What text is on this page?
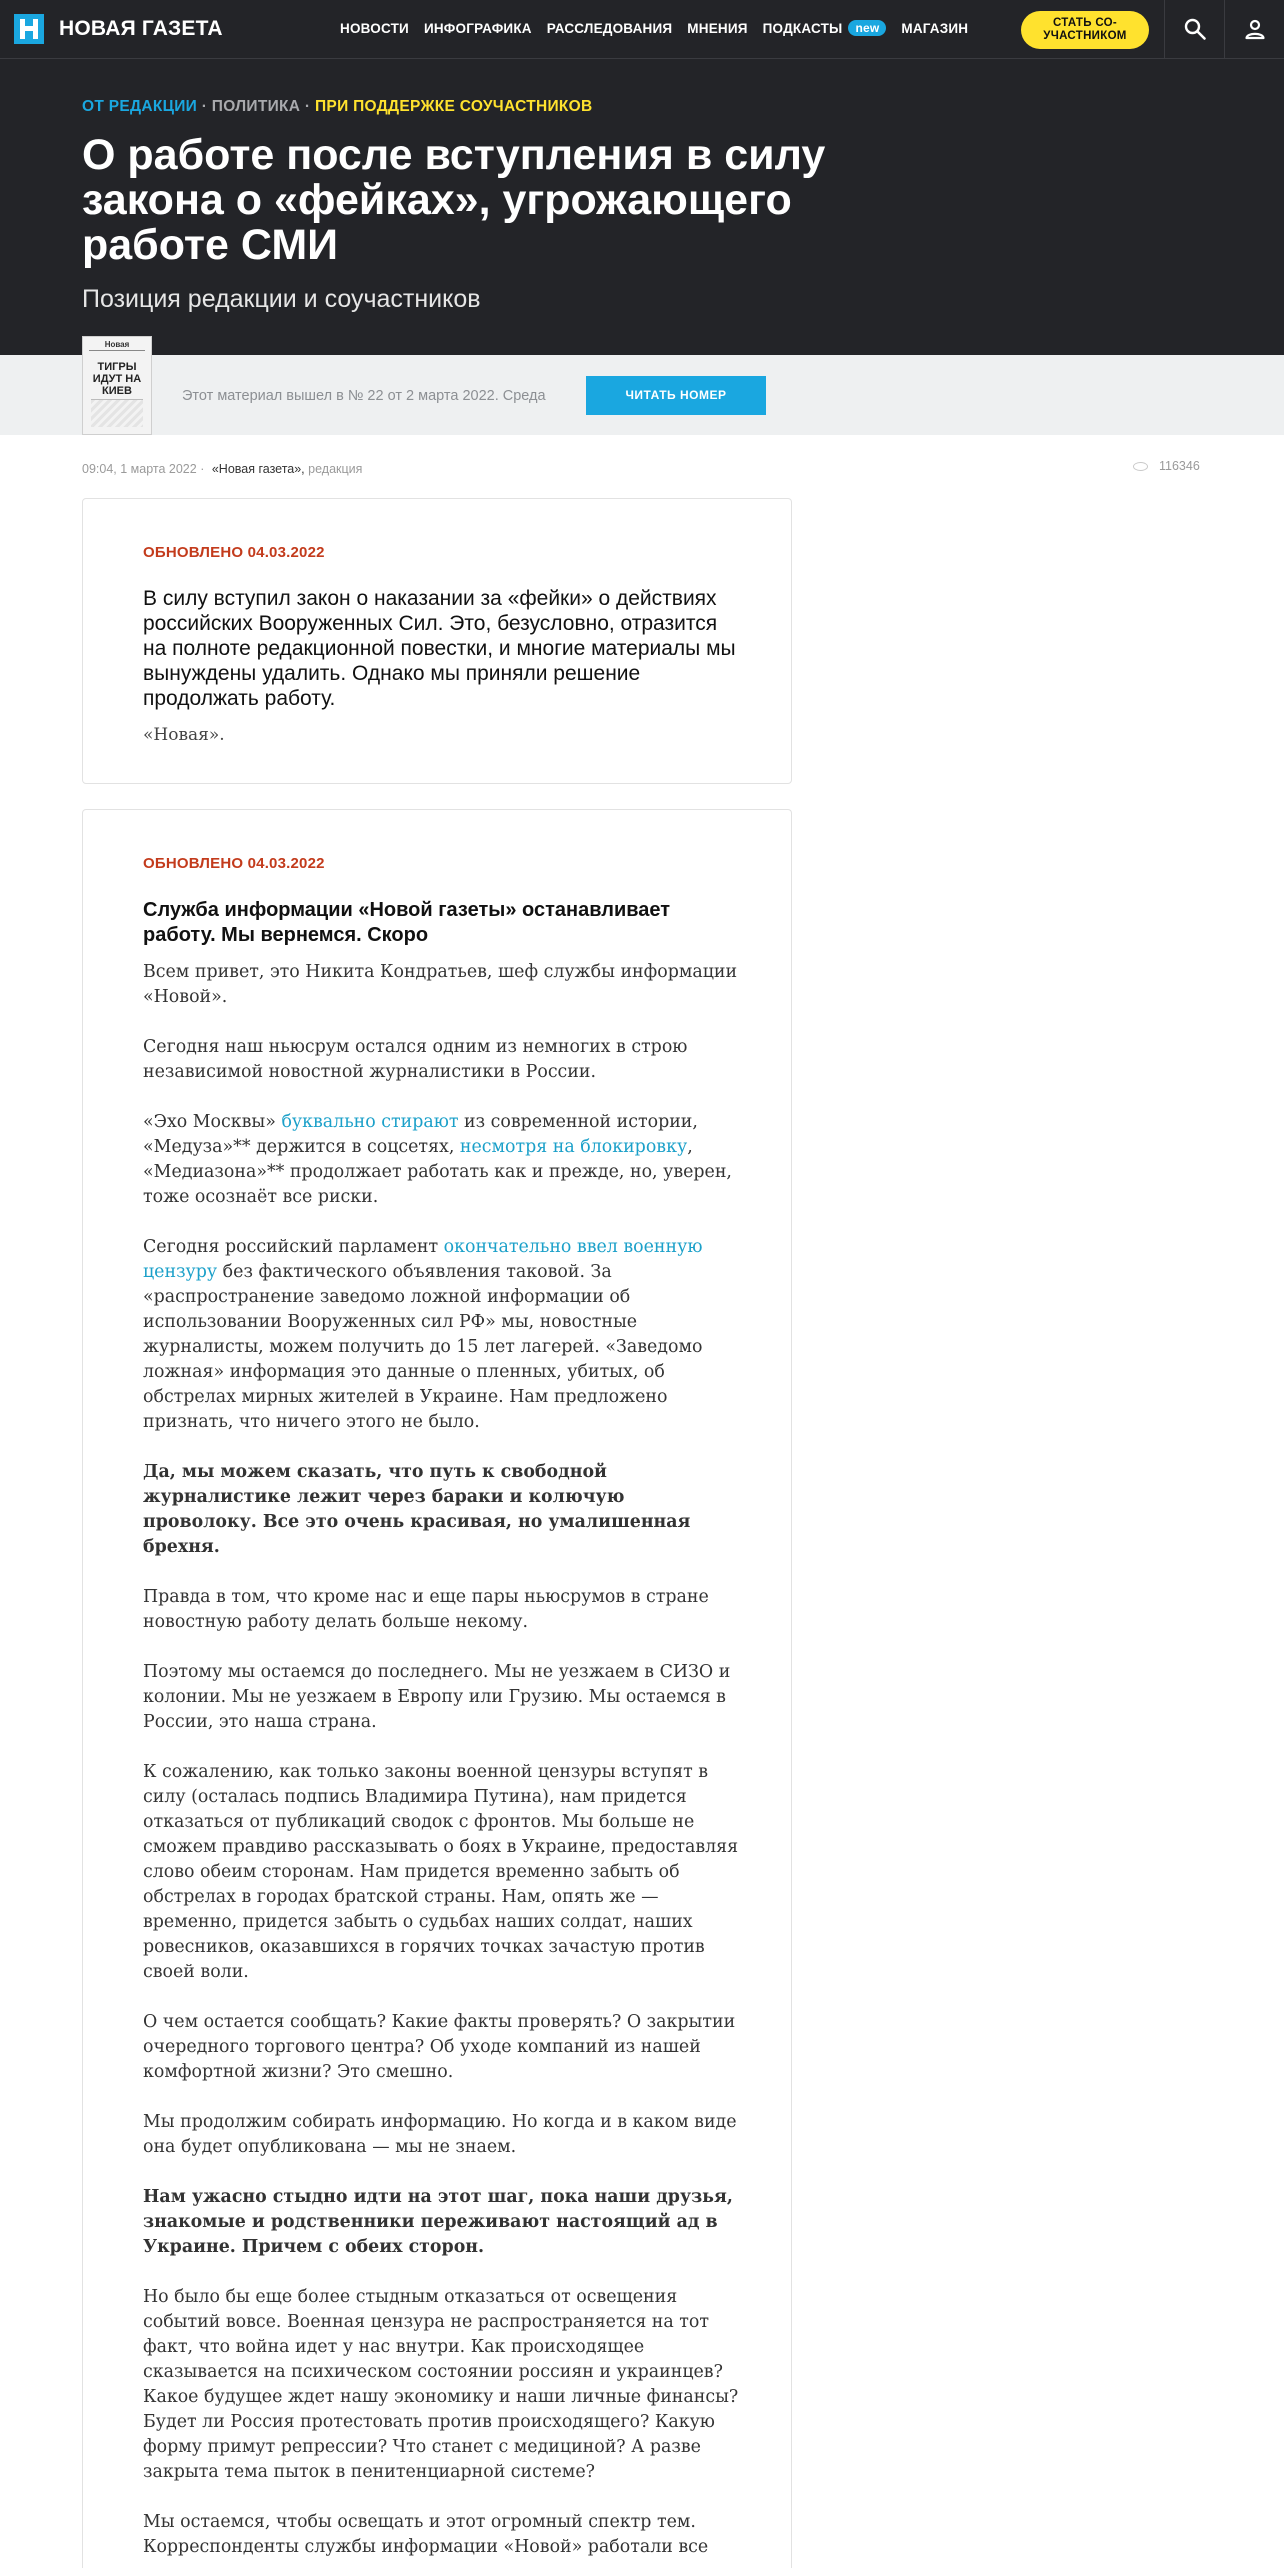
НОВАЯ ГАЗЕТА	НОВОСТИ ИНФОГРАФИКА РАССЛЕДОВАНИЯ МНЕНИЯ ПОДКАСТЫ new	МАГАЗИН	СТАТЬ СО-
УЧАСТНИКОМ
ОТ РЕДАКЦИИ · ПОЛИТИКА · ПРИ ПОДДЕРЖКЕ СОУЧАСТНИКОВ
О работе после вступления в силу закона о «фейках», угрожающего работе СМИ
Позиция редакции и соучастников
Новая
ТИГРЫ ИДУТ НА КИЕВ	Этот материал вышел в № 22 от 2 марта 2022. Среда	ЧИТАТЬ НОМЕР
09:04, 1 марта 2022 · «Новая газета», редакция	116346
ОБНОВЛЕНО 04.03.2022
В силу вступил закон о наказании за «фейки» о действиях российских Вооруженных Сил. Это, безусловно, отразится на полноте редакционной повестки, и многие материалы мы вынуждены удалить. Однако мы приняли решение продолжать работу.
«Новая».
ОБНОВЛЕНО 04.03.2022
Служба информации «Новой газеты» останавливает работу. Мы вернемся. Скоро

Всем привет, это Никита Кондратьев, шеф службы информации «Новой».

Сегодня наш ньюсрум остался одним из немногих в строю независимой новостной журналистики в России.

«Эхо Москвы» буквально стирают из современной истории, «Медуза»** держится в соцсетях, несмотря на блокировку, «Медиазона»** продолжает работать как и прежде, но, уверен, тоже осознаёт все риски.

Сегодня российский парламент окончательно ввел военную цензуру без фактического объявления таковой. За «распространение заведомо ложной информации об использовании Вооруженных сил РФ» мы, новостные журналисты, можем получить до 15 лет лагерей. «Заведомо ложная» информация это данные о пленных, убитых, об обстрелах мирных жителей в Украине. Нам предложено признать, что ничего этого не было.

Да, мы можем сказать, что путь к свободной журналистике лежит через бараки и колючую проволоку. Все это очень красивая, но умалишенная брехня.

Правда в том, что кроме нас и еще пары ньюсрумов в стране новостную работу делать больше некому.

Поэтому мы остаемся до последнего. Мы не уезжаем в СИЗО и колонии. Мы не уезжаем в Европу или Грузию. Мы остаемся в России, это наша страна.

К сожалению, как только законы военной цензуры вступят в силу (осталась подпись Владимира Путина), нам придется отказаться от публикаций сводок с фронтов. Мы больше не сможем правдиво рассказывать о боях в Украине, предоставляя слово обеим сторонам. Нам придется временно забыть об обстрелах в городах братской страны. Нам, опять же — временно, придется забыть о судьбах наших солдат, наших ровесников, оказавшихся в горячих точках зачастую против своей воли.

О чем остается сообщать? Какие факты проверять? О закрытии очередного торгового центра? Об уходе компаний из нашей комфортной жизни? Это смешно.

Мы продолжим собирать информацию. Но когда и в каком виде она будет опубликована — мы не знаем.

Нам ужасно стыдно идти на этот шаг, пока наши друзья, знакомые и родственники переживают настоящий ад в Украине. Причем с обеих сторон.

Но было бы еще более стыдным отказаться от освещения событий вовсе. Военная цензура не распространяется на тот факт, что война идет у нас внутри. Как происходящее сказывается на психическом состоянии россиян и украинцев? Какое будущее ждет нашу экономику и наши личные финансы? Будет ли Россия протестовать против происходящего? Какую форму примут репрессии? Что станет с медициной? А разве закрыта тема пыток в пенитенциарной системе?

Мы остаемся, чтобы освещать и этот огромный спектр тем. Корреспонденты службы информации «Новой» работали все
